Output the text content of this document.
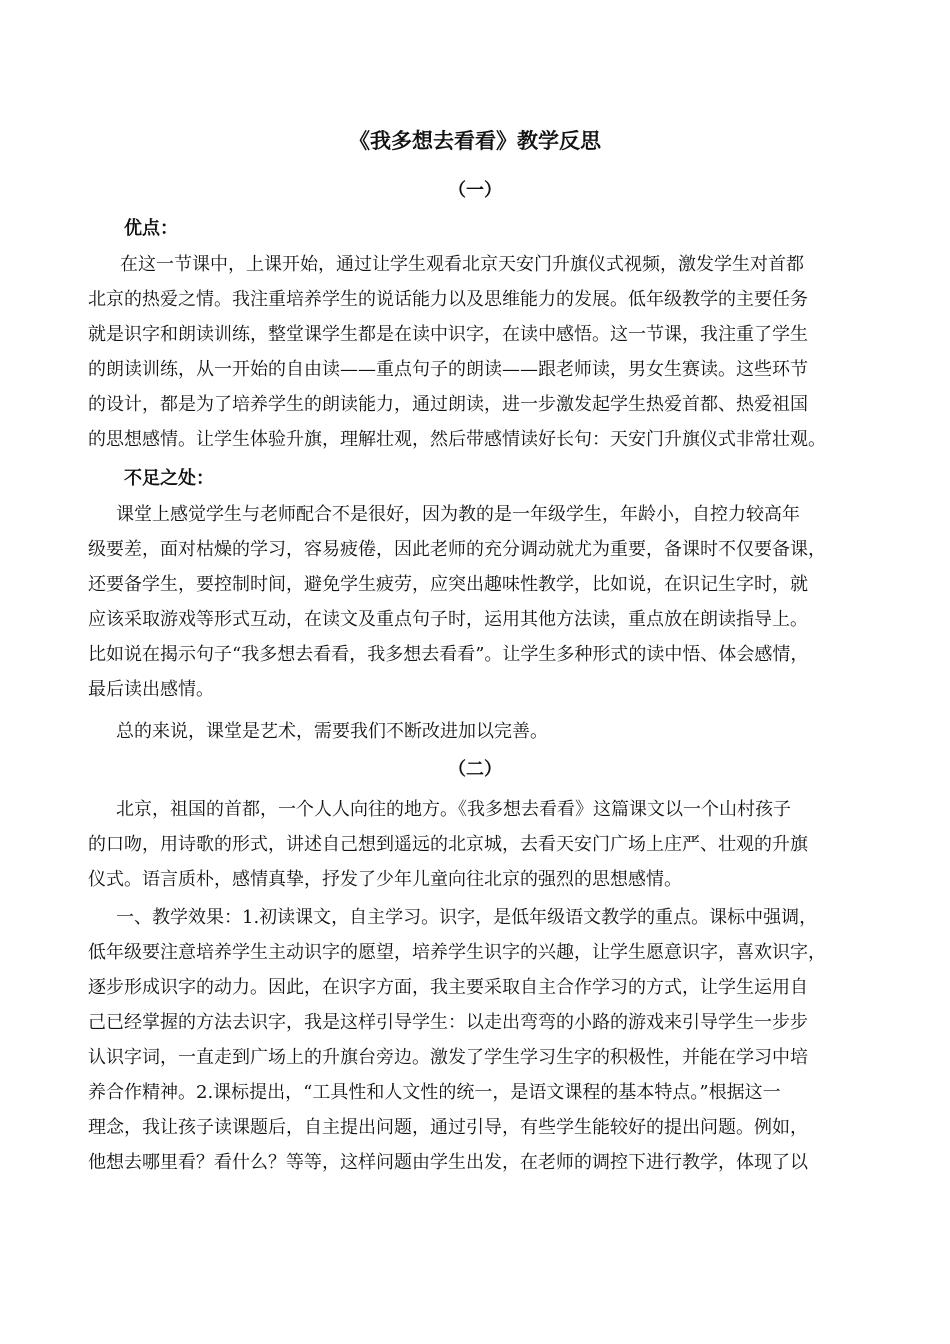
《我多想去看看》教学反思
（一）
优点：
在这一节课中，上课开始，通过让学生观看北京天安门升旗仪式视频，激发学生对首都
北京的热爱之情。我注重培养学生的说话能力以及思维能力的发展。低年级教学的主要任务
就是识字和朗读训练，整堂课学生都是在读中识字，在读中感悟。这一节课，我注重了学生
的朗读训练，从一开始的自由读——重点句子的朗读——跟老师读，男女生赛读。这些环节
的设计，都是为了培养学生的朗读能力，通过朗读，进一步激发起学生热爱首都、热爱祖国
的思想感情。让学生体验升旗，理解壮观，然后带感情读好长句：天安门升旗仪式非常壮观。
不足之处：
课堂上感觉学生与老师配合不是很好，因为教的是一年级学生，年龄小，自控力较高年
级要差，面对枯燥的学习，容易疲倦，因此老师的充分调动就尤为重要，备课时不仅要备课，
还要备学生，要控制时间，避免学生疲劳，应突出趣味性教学，比如说，在识记生字时，就
应该采取游戏等形式互动，在读文及重点句子时，运用其他方法读，重点放在朗读指导上。
比如说在揭示句子“我多想去看看，我多想去看看”。让学生多种形式的读中悟、体会感情，
最后读出感情。
总的来说，课堂是艺术，需要我们不断改进加以完善。
（二）
北京，祖国的首都，一个人人向往的地方。《我多想去看看》这篇课文以一个山村孩子
的口吻，用诗歌的形式，讲述自己想到遥远的北京城，去看天安门广场上庄严、壮观的升旗
仪式。语言质朴，感情真挚，抒发了少年儿童向往北京的强烈的思想感情。
一、教学效果：1.初读课文，自主学习。识字，是低年级语文教学的重点。课标中强调，
低年级要注意培养学生主动识字的愿望，培养学生识字的兴趣，让学生愿意识字，喜欢识字，
逐步形成识字的动力。因此，在识字方面，我主要采取自主合作学习的方式，让学生运用自
己已经掌握的方法去识字，我是这样引导学生：以走出弯弯的小路的游戏来引导学生一步步
认识字词，一直走到广场上的升旗台旁边。激发了学生学习生字的积极性，并能在学习中培
养合作精神。2.课标提出，“工具性和人文性的统一，是语文课程的基本特点。”根据这一
理念，我让孩子读课题后，自主提出问题，通过引导，有些学生能较好的提出问题。例如，
他想去哪里看？看什么？等等，这样问题由学生出发，在老师的调控下进行教学，体现了以
